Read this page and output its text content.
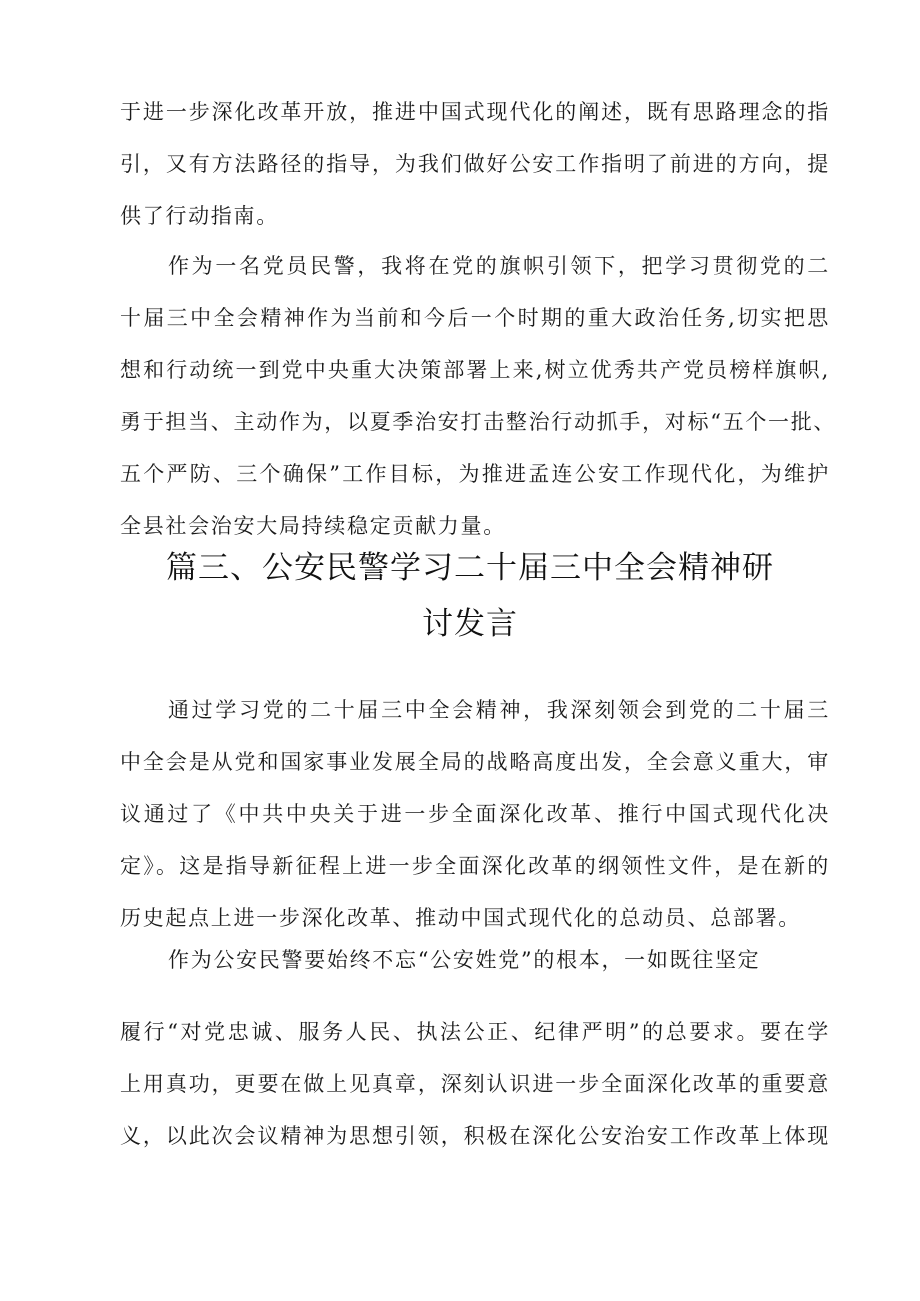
于进一步深化改革开放，推进中国式现代化的阐述，既有思路理念的指
引，又有方法路径的指导，为我们做好公安工作指明了前进的方向，提
供了行动指南。
作为一名党员民警，我将在党的旗帜引领下，把学习贯彻党的二
十届三中全会精神作为当前和今后一个时期的重大政治任务,切实把思
想和行动统一到党中央重大决策部署上来,树立优秀共产党员榜样旗帜,
勇于担当、主动作为，以夏季治安打击整治行动抓手，对标“五个一批、
五个严防、三个确保”工作目标，为推进孟连公安工作现代化，为维护
全县社会治安大局持续稳定贡献力量。
篇三、公安民警学习二十届三中全会精神研
讨发言
通过学习党的二十届三中全会精神，我深刻领会到党的二十届三
中全会是从党和国家事业发展全局的战略高度出发，全会意义重大，审
议通过了《中共中央关于进一步全面深化改革、推行中国式现代化决
定》。这是指导新征程上进一步全面深化改革的纲领性文件，是在新的
历史起点上进一步深化改革、推动中国式现代化的总动员、总部署。
作为公安民警要始终不忘“公安姓党”的根本，一如既往坚定
履行“对党忠诚、服务人民、执法公正、纪律严明”的总要求。要在学
上用真功，更要在做上见真章，深刻认识进一步全面深化改革的重要意
义，以此次会议精神为思想引领，积极在深化公安治安工作改革上体现
